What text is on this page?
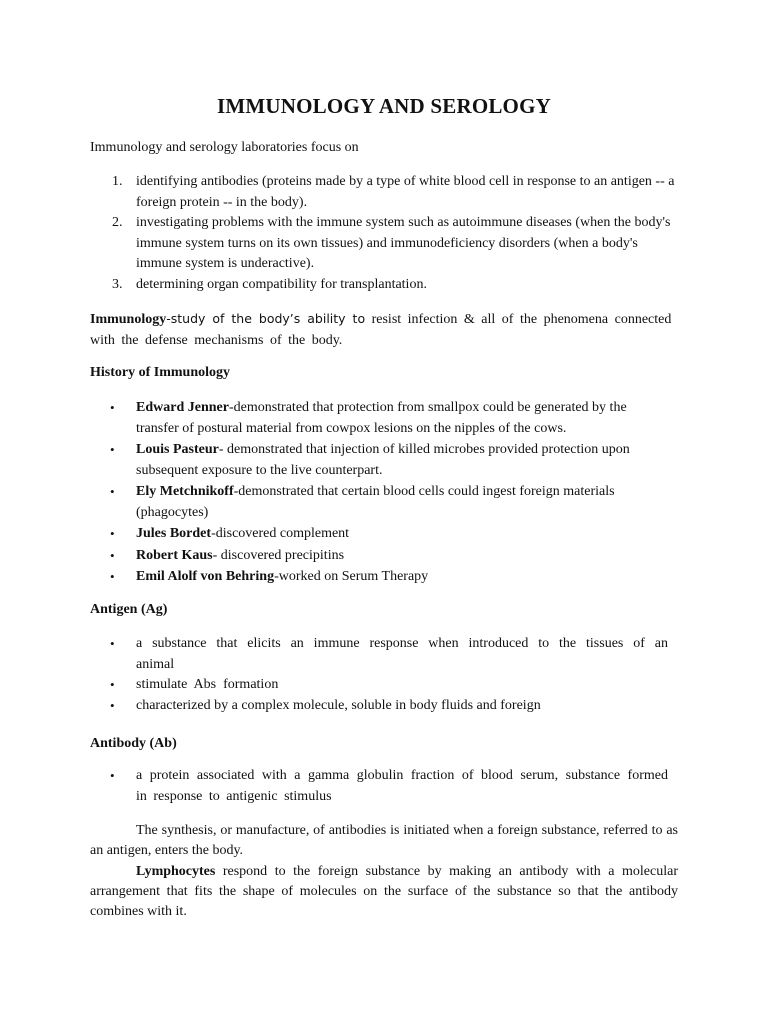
IMMUNOLOGY AND SEROLOGY

Immunology and serology laboratories focus on

1. identifying antibodies (proteins made by a type of white blood cell in response to an antigen -- a foreign protein -- in the body).
2. investigating problems with the immune system such as autoimmune diseases (when the body's immune system turns on its own tissues) and immunodeficiency disorders (when a body's immune system is underactive).
3. determining organ compatibility for transplantation.

Immunology-study of the body’s ability to resist infection & all of the phenomena connected with the defense mechanisms of the body.

History of Immunology
• Edward Jenner-demonstrated that protection from smallpox could be generated by the transfer of postural material from cowpox lesions on the nipples of the cows.
• Louis Pasteur- demonstrated that injection of killed microbes provided protection upon subsequent exposure to the live counterpart.
• Ely Metchnikoff-demonstrated that certain blood cells could ingest foreign materials (phagocytes)
• Jules Bordet-discovered complement
• Robert Kaus- discovered precipitins
• Emil Alolf von Behring-worked on Serum Therapy
Antigen (Ag)
• a substance that elicits an immune response when introduced to the tissues of an animal
• stimulate  Abs  formation
• characterized by a complex molecule, soluble in body fluids and foreign
Antibody (Ab)
• a protein associated with a gamma globulin fraction of blood serum, substance formed in response to antigenic stimulus

The synthesis, or manufacture, of antibodies is initiated when a foreign substance, referred to as an antigen, enters the body.

Lymphocytes respond to the foreign substance by making an antibody with a molecular arrangement that fits the shape of molecules on the surface of the substance so that the antibody combines with it.
